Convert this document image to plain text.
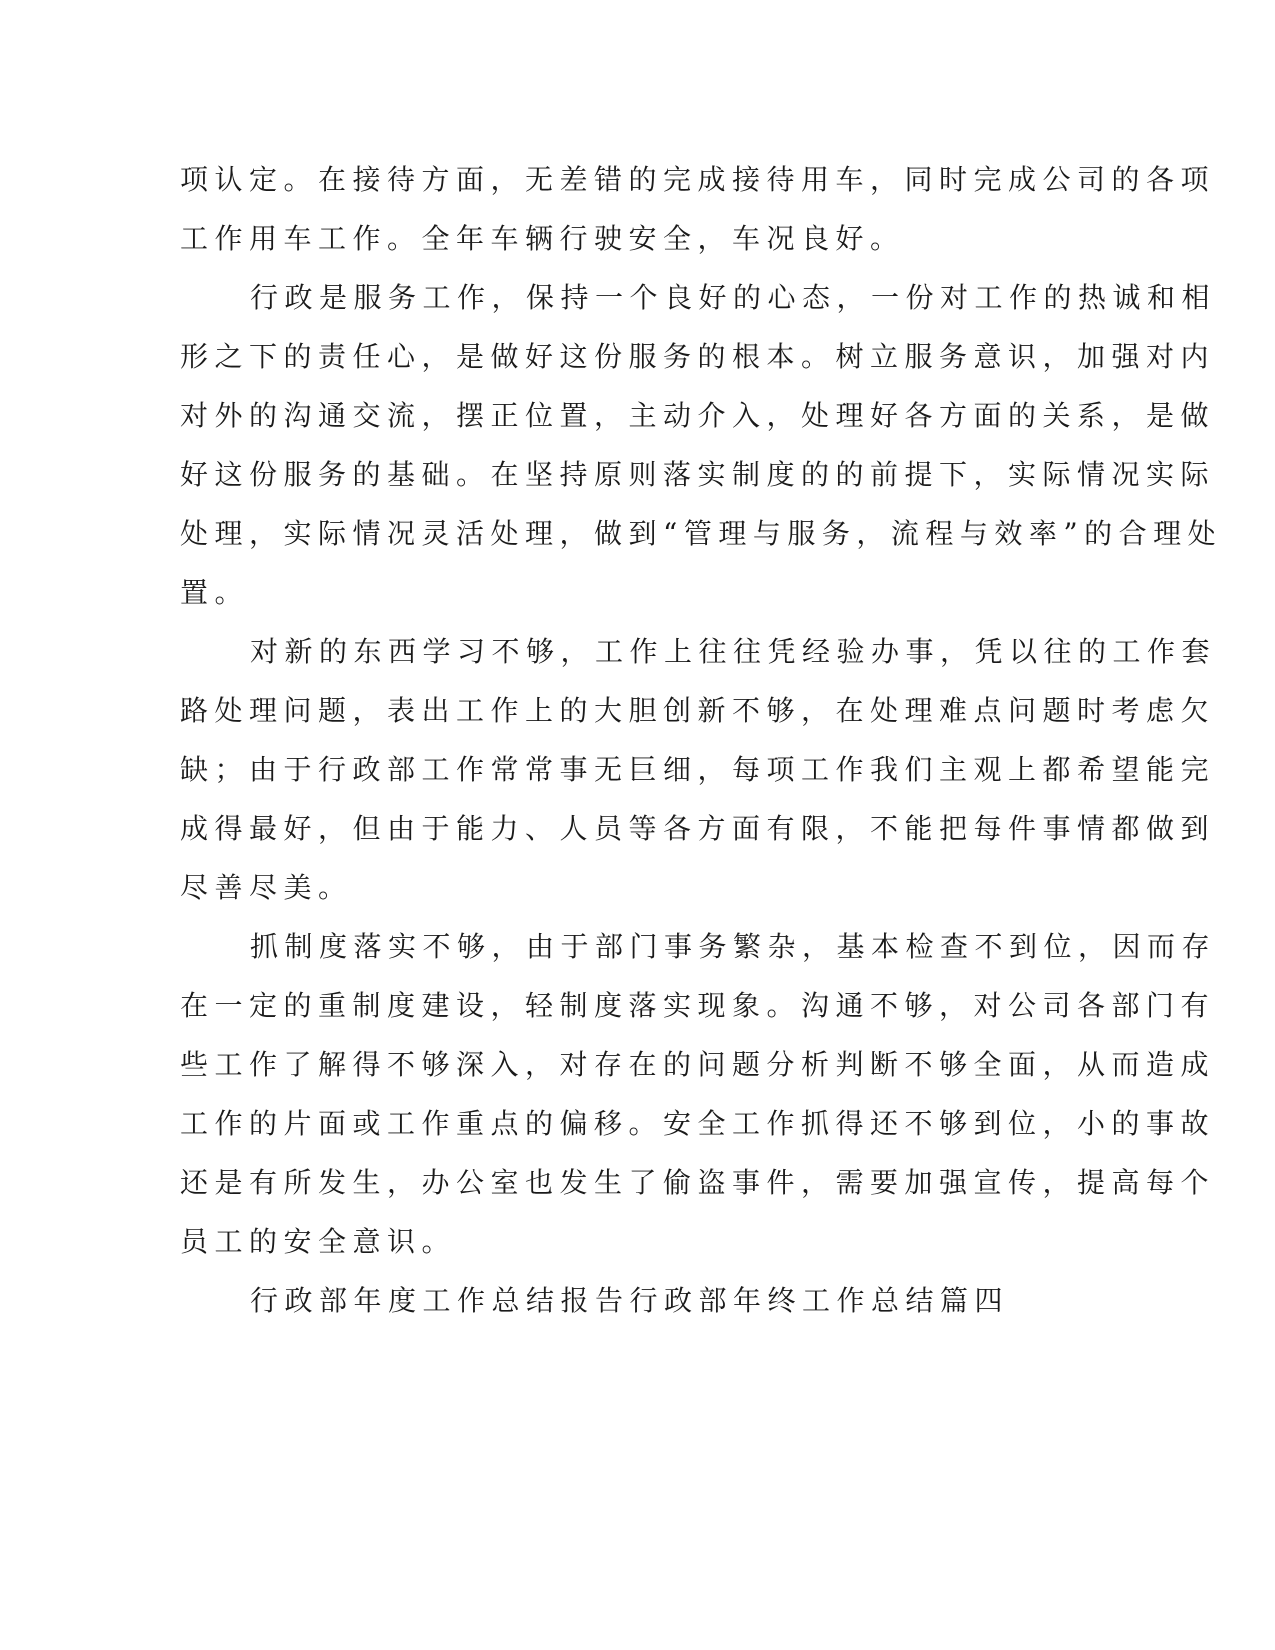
项认定。在接待方面，无差错的完成接待用车，同时完成公司的各项
工作用车工作。全年车辆行驶安全，车况良好。
行政是服务工作，保持一个良好的心态，一份对工作的热诚和相
形之下的责任心，是做好这份服务的根本。树立服务意识，加强对内
对外的沟通交流，摆正位置，主动介入，处理好各方面的关系，是做
好这份服务的基础。在坚持原则落实制度的的前提下，实际情况实际
处理，实际情况灵活处理，做到“管理与服务，流程与效率”的合理处
置。
对新的东西学习不够，工作上往往凭经验办事，凭以往的工作套
路处理问题，表出工作上的大胆创新不够，在处理难点问题时考虑欠
缺；由于行政部工作常常事无巨细，每项工作我们主观上都希望能完
成得最好，但由于能力、人员等各方面有限，不能把每件事情都做到
尽善尽美。
抓制度落实不够，由于部门事务繁杂，基本检查不到位，因而存
在一定的重制度建设，轻制度落实现象。沟通不够，对公司各部门有
些工作了解得不够深入，对存在的问题分析判断不够全面，从而造成
工作的片面或工作重点的偏移。安全工作抓得还不够到位，小的事故
还是有所发生，办公室也发生了偷盗事件，需要加强宣传，提高每个
员工的安全意识。
行政部年度工作总结报告行政部年终工作总结篇四
